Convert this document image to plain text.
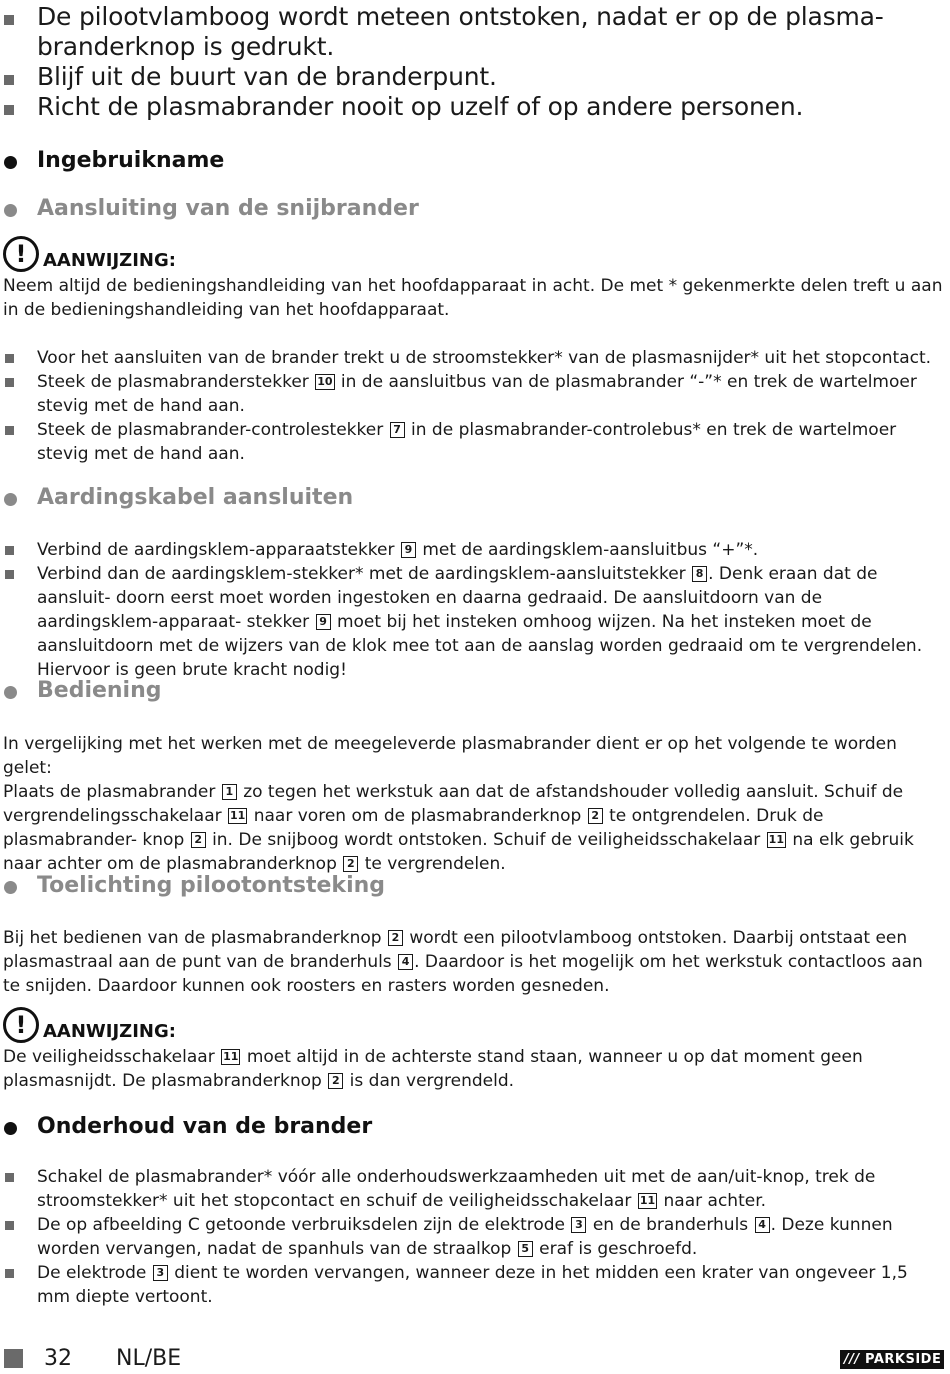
De pilootvlamboog wordt meteen ontstoken, nadat er op de plasma- branderknop is gedrukt.
Blijf uit de buurt van de branderpunt.
Richt de plasmabrander nooit op uzelf of op andere personen.
Ingebruikname
Aansluiting van de snijbrander
! AANWIJZING:

Neem altijd de bedieningshandleiding van het hoofdapparaat in acht. De met * gekenmerkte delen treft u aan in de bedieningshandleiding van het hoofdapparaat.

Voor het aansluiten van de brander trekt u de stroomstekker* van de plasmasnijder* uit het stopcontact.
Steek de plasmabranderstekker 10 in de aansluitbus van de plasmabrander “-”* en trek de wartelmoer stevig met de hand aan.
Steek de plasmabrander-controlestekker 7 in de plasmabrander-controlebus* en trek de wartelmoer stevig met de hand aan.
Aardingskabel aansluiten
Verbind de aardingsklem-apparaatstekker 9 met de aardingsklem-aansluitbus “+”*.
Verbind dan de aardingsklem-stekker* met de aardingsklem-aansluitstekker 8 . Denk eraan dat de aansluit- doorn eerst moet worden ingestoken en daarna gedraaid. De aansluitdoorn van de aardingsklem-apparaat- stekker 9 moet bij het insteken omhoog wijzen. Na het insteken moet de aansluitdoorn met de wijzers van de klok mee tot aan de aanslag worden gedraaid om te vergrendelen. Hiervoor is geen brute kracht nodig!
Bediening

In vergelijking met het werken met de meegeleverde plasmabrander dient er op het volgende te worden gelet:

Plaats de plasmabrander 1 zo tegen het werkstuk aan dat de afstandshouder volledig aansluit. Schuif de vergrendelingsschakelaar 11 naar voren om de plasmabranderknop 2 te ontgrendelen. Druk de plasmabrander- knop 2 in. De snijboog wordt ontstoken. Schuif de veiligheidsschakelaar 11 na elk gebruik naar achter om de plasmabranderknop 2 te vergrendelen.

Toelichting pilootontsteking

Bij het bedienen van de plasmabranderknop 2 wordt een pilootvlamboog ontstoken. Daarbij ontstaat een plasmastraal aan de punt van de branderhuls 4 . Daardoor is het mogelijk om het werkstuk contactloos aan te snijden. Daardoor kunnen ook roosters en rasters worden gesneden.

! AANWIJZING:

De veiligheidsschakelaar 11 moet altijd in de achterste stand staan, wanneer u op dat moment geen plasmasnijdt. De plasmabranderknop 2 is dan vergrendeld.

Onderhoud van de brander
Schakel de plasmabrander* vóór alle onderhoudswerkzaamheden uit met de aan/uit-knop, trek de stroomstekker* uit het stopcontact en schuif de veiligheidsschakelaar 11 naar achter.
De op afbeelding C getoonde verbruiksdelen zijn de elektrode 3 en de branderhuls 4 . Deze kunnen worden vervangen, nadat de spanhuls van de straalkop 5 eraf is geschroefd.
De elektrode 3 dient te worden vervangen, wanneer deze in het midden een krater van ongeveer 1,5 mm diepte vertoont.
32 NL/BE	/// PARKSIDE
